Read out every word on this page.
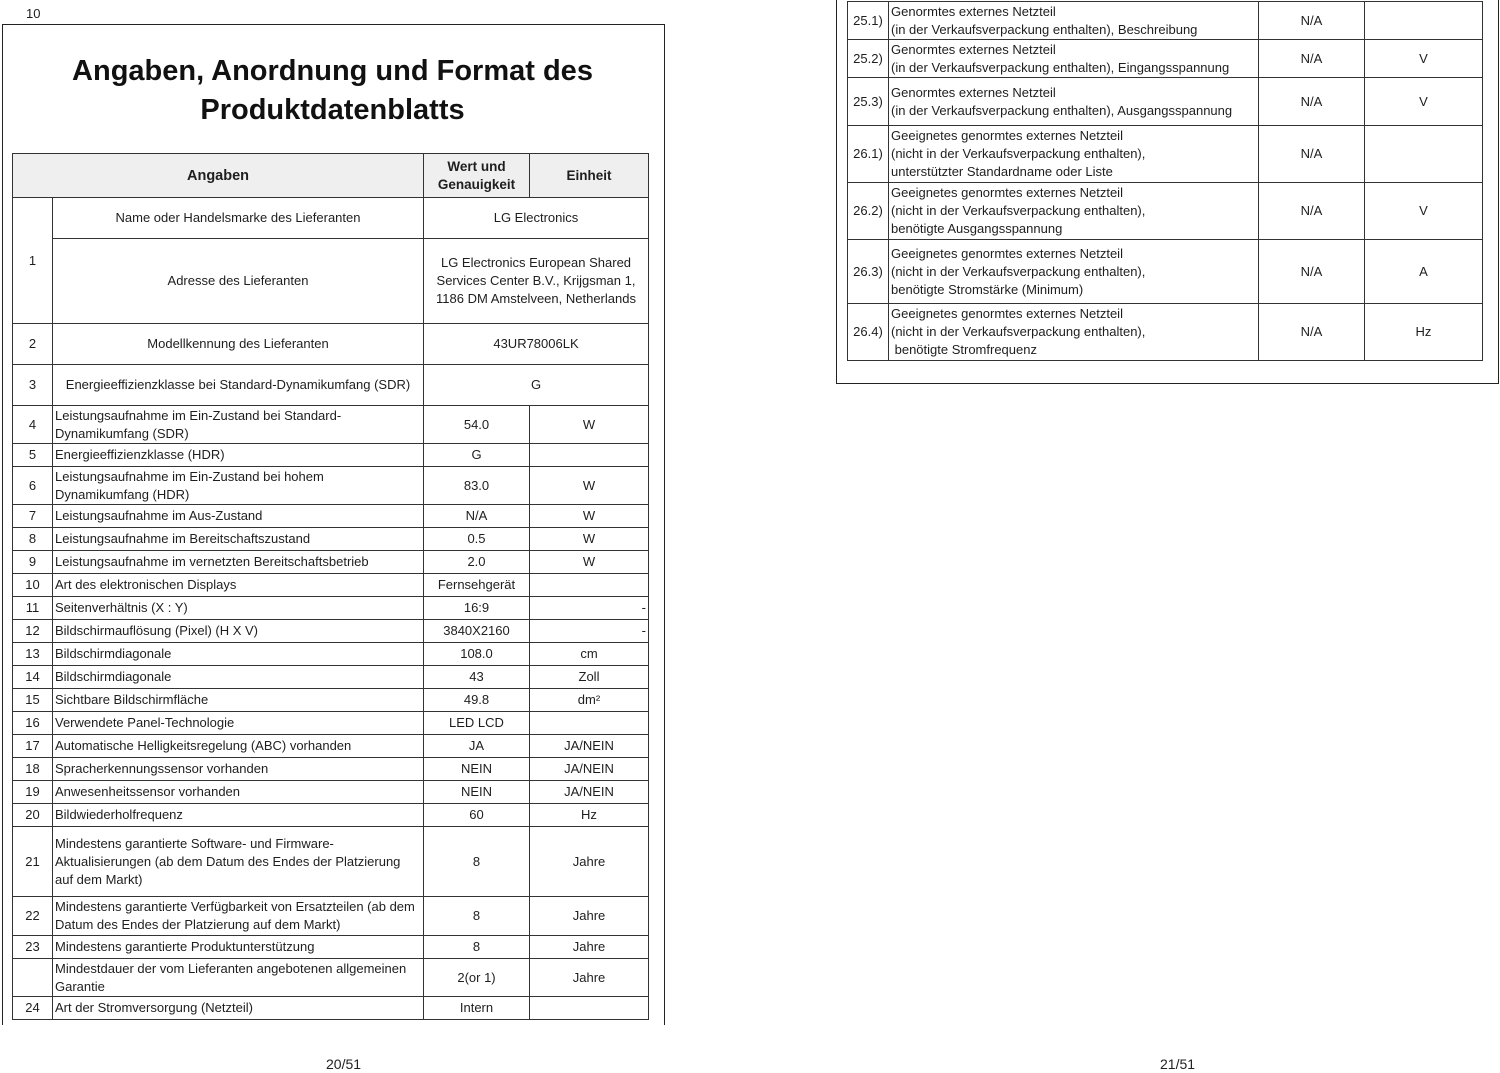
10
Angaben, Anordnung und Format des
Produktdatenblatts
Angaben		Wert und Genauigkeit	Einheit
1	Name oder Handelsmarke des Lieferanten	LG Electronics	
	Adresse des Lieferanten	LG Electronics European Shared Services Center B.V., Krijgsman 1, 1186 DM Amstelveen, Netherlands	
2	Modellkennung des Lieferanten	43UR78006LK	
3	Energieeffizienzklasse bei Standard-Dynamikumfang (SDR)	G	
4	Leistungsaufnahme im Ein-Zustand bei Standard-Dynamikumfang (SDR)	54.0	W
5	Energieeffizienzklasse (HDR)	G	
6	Leistungsaufnahme im Ein-Zustand bei hohem Dynamikumfang (HDR)	83.0	W
7	Leistungsaufnahme im Aus-Zustand	N/A	W
8	Leistungsaufnahme im Bereitschaftszustand	0.5	W
9	Leistungsaufnahme im vernetzten Bereitschaftsbetrieb	2.0	W
10	Art des elektronischen Displays	Fernsehgerät	
11	Seitenverhältnis (X : Y)	16:9	-
12	Bildschirmauflösung (Pixel) (H X V)	3840X2160	-
13	Bildschirmdiagonale	108.0	cm
14	Bildschirmdiagonale	43	Zoll
15	Sichtbare Bildschirmfläche	49.8	dm²
16	Verwendete Panel-Technologie	LED LCD	
17	Automatische Helligkeitsregelung (ABC) vorhanden	JA	JA/NEIN
18	Spracherkennungssensor vorhanden	NEIN	JA/NEIN
19	Anwesenheitssensor vorhanden	NEIN	JA/NEIN
20	Bildwiederholfrequenz	60	Hz
21	Mindestens garantierte Software- und Firmware-Aktualisierungen (ab dem Datum des Endes der Platzierung auf dem Markt)	8	Jahre
22	Mindestens garantierte Verfügbarkeit von Ersatzteilen (ab dem Datum des Endes der Platzierung auf dem Markt)	8	Jahre
23	Mindestens garantierte Produktunterstützung	8	Jahre
	Mindestdauer der vom Lieferanten angebotenen allgemeinen Garantie	2(or 1)	Jahre
24	Art der Stromversorgung (Netzteil)	Intern	
25.1)	Genormtes externes Netzteil
(in der Verkaufsverpackung enthalten), Beschreibung	N/A	
25.2)	Genormtes externes Netzteil
(in der Verkaufsverpackung enthalten), Eingangsspannung	N/A	V
25.3)	Genormtes externes Netzteil
(in der Verkaufsverpackung enthalten), Ausgangsspannung	N/A	V
26.1)	Geeignetes genormtes externes Netzteil
(nicht in der Verkaufsverpackung enthalten),
unterstützter Standardname oder Liste	N/A	
26.2)	Geeignetes genormtes externes Netzteil
(nicht in der Verkaufsverpackung enthalten),
benötigte Ausgangsspannung	N/A	V
26.3)	Geeignetes genormtes externes Netzteil
(nicht in der Verkaufsverpackung enthalten),
benötigte Stromstärke (Minimum)	N/A	A
26.4)	Geeignetes genormtes externes Netzteil
(nicht in der Verkaufsverpackung enthalten),
benötigte Stromfrequenz	N/A	Hz
20/51	21/51
